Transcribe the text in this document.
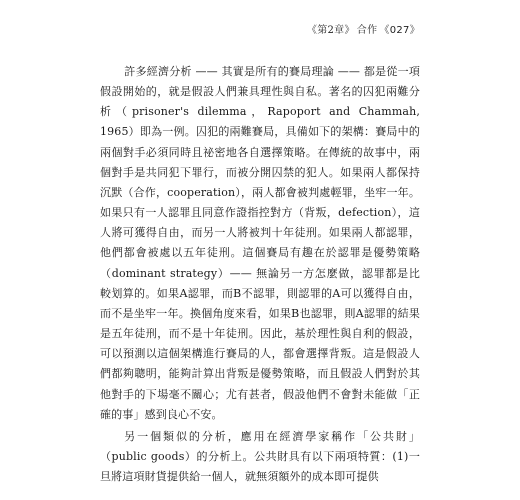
《第2章》 合作 《027》

許多經濟分析 —— 其實是所有的賽局理論 —— 都是從一項假設開始的，就是假設人們兼具理性與自私。著名的囚犯兩難分析（prisoner's dilemma，Rapoport and Chammah, 1965）即為一例。囚犯的兩難賽局，具備如下的架構：賽局中的兩個對手必須同時且祕密地各自選擇策略。在傳統的故事中，兩個對手是共同犯下罪行，而被分開囚禁的犯人。如果兩人都保持沉默（合作，cooperation），兩人都會被判處輕罪，坐牢一年。如果只有一人認罪且同意作證指控對方（背叛，defection），這人將可獲得自由，而另一人將被判十年徒刑。如果兩人都認罪，他們都會被處以五年徒刑。這個賽局有趣在於認罪是優勢策略（dominant strategy）—— 無論另一方怎麼做，認罪都是比較划算的。如果A認罪，而B不認罪，則認罪的A可以獲得自由，而不是坐牢一年。換個角度來看，如果B也認罪，則A認罪的結果是五年徒刑，而不是十年徒刑。因此，基於理性與自利的假設，可以預測以這個架構進行賽局的人，都會選擇背叛。這是假設人們都夠聰明，能夠計算出背叛是優勢策略，而且假設人們對於其他對手的下場毫不關心；尤有甚者，假設他們不會對未能做「正確的事」感到良心不安。

另一個類似的分析，應用在經濟學家稱作「公共財」（public goods）的分析上。公共財具有以下兩項特質：(1)一旦將這項財貨提供給一個人，就無須額外的成本即可提供
